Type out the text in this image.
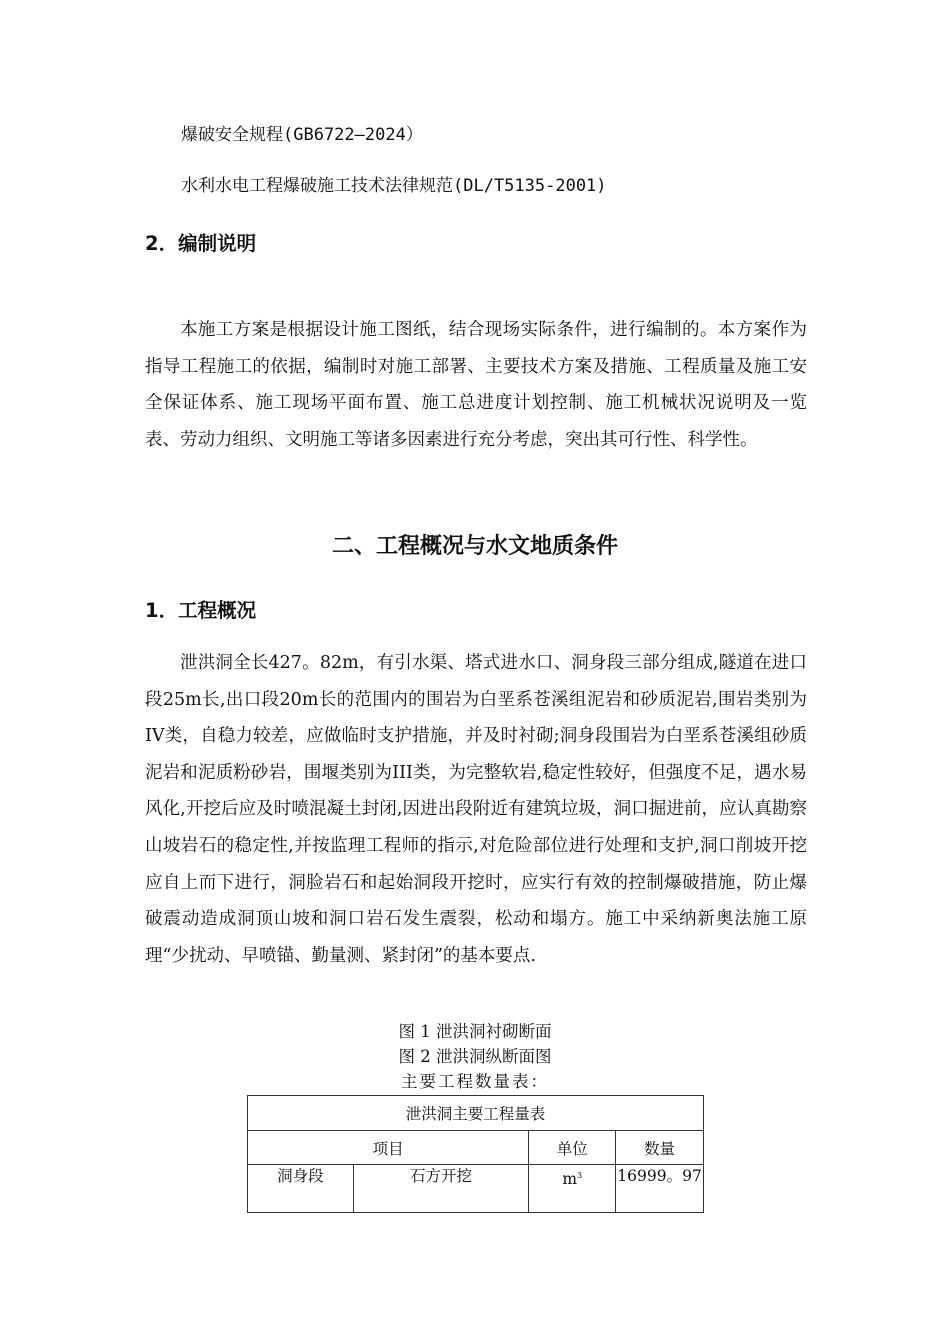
爆破安全规程(GB6722—2024）
水利水电工程爆破施工技术法律规范(DL/T5135-2001)
2．编制说明

本施工方案是根据设计施工图纸，结合现场实际条件，进行编制的。本方案作为指导工程施工的依据，编制时对施工部署、主要技术方案及措施、工程质量及施工安全保证体系、施工现场平面布置、施工总进度计划控制、施工机械状况说明及一览表、劳动力组织、文明施工等诸多因素进行充分考虑，突出其可行性、科学性。

二、工程概况与水文地质条件
1．工程概况

泄洪洞全长427。82m，有引水渠、塔式进水口、洞身段三部分组成,隧道在进口段25m长,出口段20m长的范围内的围岩为白垩系苍溪组泥岩和砂质泥岩,围岩类别为IV类，自稳力较差，应做临时支护措施，并及时衬砌;洞身段围岩为白垩系苍溪组砂质泥岩和泥质粉砂岩，围堰类别为III类，为完整软岩,稳定性较好，但强度不足，遇水易风化,开挖后应及时喷混凝土封闭,因进出段附近有建筑垃圾，洞口掘进前，应认真勘察山坡岩石的稳定性,并按监理工程师的指示,对危险部位进行处理和支护,洞口削坡开挖应自上而下进行，洞脸岩石和起始洞段开挖时，应实行有效的控制爆破措施，防止爆破震动造成洞顶山坡和洞口岩石发生震裂，松动和塌方。施工中采纳新奥法施工原理“少扰动、早喷锚、勤量测、紧封闭”的基本要点.

图 1 泄洪洞衬砌断面
图 2 泄洪洞纵断面图
主要工程数量表：
泄洪洞主要工程量表			
项目		单位	数量
洞身段	石方开挖	$m^3$	16999。97
